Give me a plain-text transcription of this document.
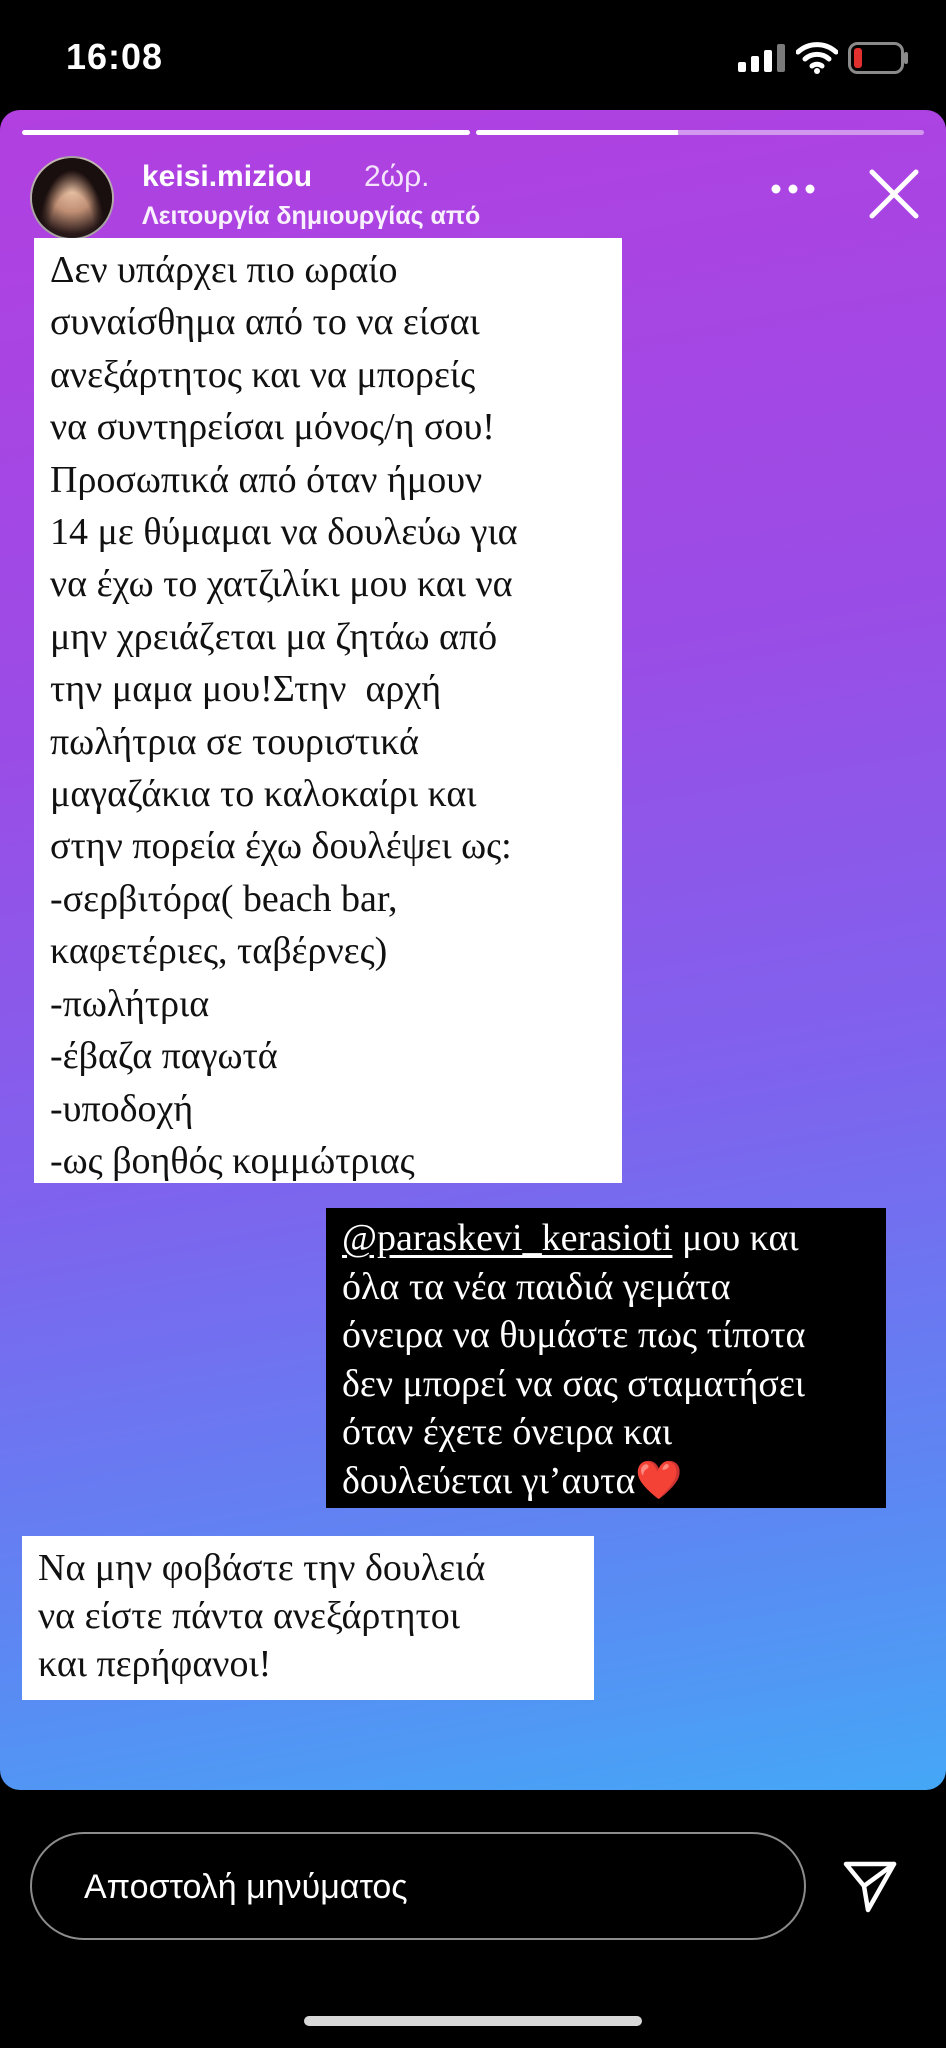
16:08
keisi.miziou 2ώρ.
Λειτουργία δημιουργίας από
Δεν υπάρχει πιο ωραίο
συναίσθημα από το να είσαι
ανεξάρτητος και να μπορείς
να συντηρείσαι μόνος/η σου!
Προσωπικά από όταν ήμουν
14 με θύμαμαι να δουλεύω για
να έχω το χατζιλίκι μου και να
μην χρειάζεται μα ζητάω από
την μαμα μου!Στην  αρχή
πωλήτρια σε τουριστικά
μαγαζάκια το καλοκαίρι και
στην πορεία έχω δουλέψει ως:
-σερβιτόρα( beach bar,
καφετέριες, ταβέρνες)
-πωλήτρια
-έβαζα παγωτά
-υποδοχή
-ως βοηθός κομμώτριας
@paraskevi_kerasioti μου και
όλα τα νέα παιδιά γεμάτα
όνειρα να θυμάστε πως τίποτα
δεν μπορεί να σας σταματήσει
όταν έχετε όνειρα και
δουλεύεται γι’αυτα❤️
Να μην φοβάστε την δουλειά
να είστε πάντα ανεξάρτητοι
και περήφανοι!
Αποστολή μηνύματος
